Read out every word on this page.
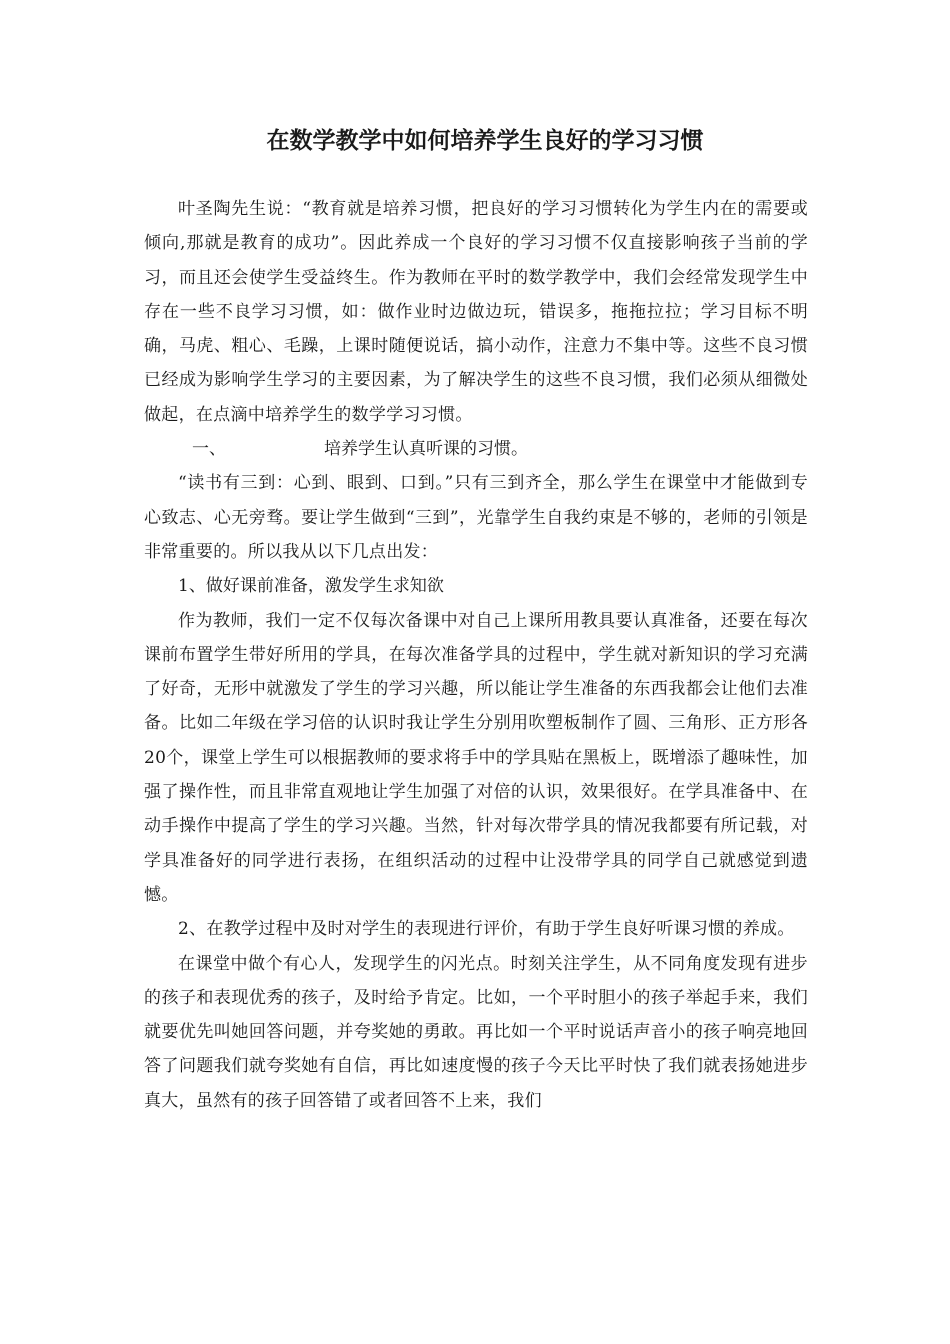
在数学教学中如何培养学生良好的学习习惯

叶圣陶先生说：“教育就是培养习惯，把良好的学习习惯转化为学生内在的需要或倾向,那就是教育的成功”。因此养成一个良好的学习习惯不仅直接影响孩子当前的学习，而且还会使学生受益终生。作为教师在平时的数学教学中，我们会经常发现学生中存在一些不良学习习惯，如：做作业时边做边玩，错误多，拖拖拉拉；学习目标不明确，马虎、粗心、毛躁，上课时随便说话，搞小动作，注意力不集中等。这些不良习惯已经成为影响学生学习的主要因素，为了解决学生的这些不良习惯，我们必须从细微处做起，在点滴中培养学生的数学学习习惯。

一、	培养学生认真听课的习惯。

“读书有三到：心到、眼到、口到。”只有三到齐全，那么学生在课堂中才能做到专心致志、心无旁骛。要让学生做到“三到”，光靠学生自我约束是不够的，老师的引领是非常重要的。所以我从以下几点出发：

1、做好课前准备，激发学生求知欲

作为教师，我们一定不仅每次备课中对自己上课所用教具要认真准备，还要在每次课前布置学生带好所用的学具，在每次准备学具的过程中，学生就对新知识的学习充满了好奇，无形中就激发了学生的学习兴趣，所以能让学生准备的东西我都会让他们去准备。比如二年级在学习倍的认识时我让学生分别用吹塑板制作了圆、三角形、正方形各20个，课堂上学生可以根据教师的要求将手中的学具贴在黑板上，既增添了趣味性，加强了操作性，而且非常直观地让学生加强了对倍的认识，效果很好。在学具准备中、在动手操作中提高了学生的学习兴趣。当然，针对每次带学具的情况我都要有所记载，对学具准备好的同学进行表扬，在组织活动的过程中让没带学具的同学自己就感觉到遗憾。

2、在教学过程中及时对学生的表现进行评价，有助于学生良好听课习惯的养成。

在课堂中做个有心人，发现学生的闪光点。时刻关注学生，从不同角度发现有进步的孩子和表现优秀的孩子，及时给予肯定。比如，一个平时胆小的孩子举起手来，我们就要优先叫她回答问题，并夸奖她的勇敢。再比如一个平时说话声音小的孩子响亮地回答了问题我们就夸奖她有自信，再比如速度慢的孩子今天比平时快了我们就表扬她进步真大，虽然有的孩子回答错了或者回答不上来，我们
